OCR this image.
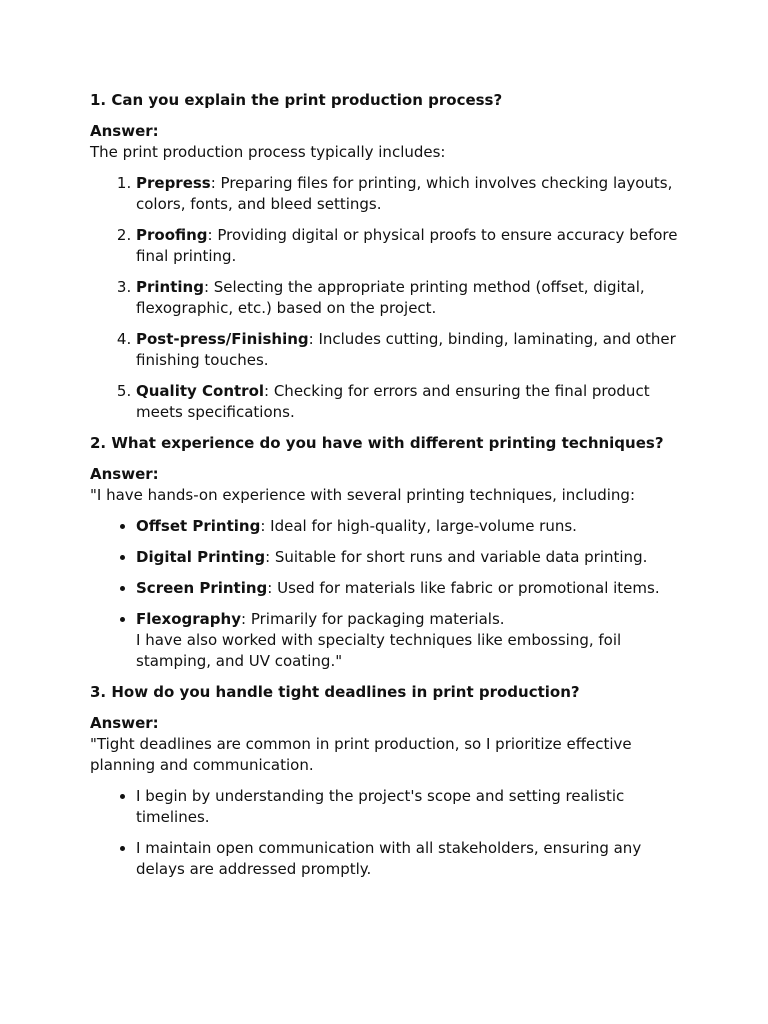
1. Can you explain the print production process?

Answer:

The print production process typically includes:

1. Prepress: Preparing files for printing, which involves checking layouts, colors, fonts, and bleed settings.
2. Proofing: Providing digital or physical proofs to ensure accuracy before final printing.
3. Printing: Selecting the appropriate printing method (offset, digital, flexographic, etc.) based on the project.
4. Post-press/Finishing: Includes cutting, binding, laminating, and other finishing touches.
5. Quality Control: Checking for errors and ensuring the final product meets specifications.

2. What experience do you have with different printing techniques?

Answer:

"I have hands-on experience with several printing techniques, including:

• Offset Printing: Ideal for high-quality, large-volume runs.
• Digital Printing: Suitable for short runs and variable data printing.
• Screen Printing: Used for materials like fabric or promotional items.
• Flexography: Primarily for packaging materials.
I have also worked with specialty techniques like embossing, foil stamping, and UV coating."

3. How do you handle tight deadlines in print production?

Answer:

"Tight deadlines are common in print production, so I prioritize effective planning and communication.

• I begin by understanding the project's scope and setting realistic timelines.
• I maintain open communication with all stakeholders, ensuring any delays are addressed promptly.
